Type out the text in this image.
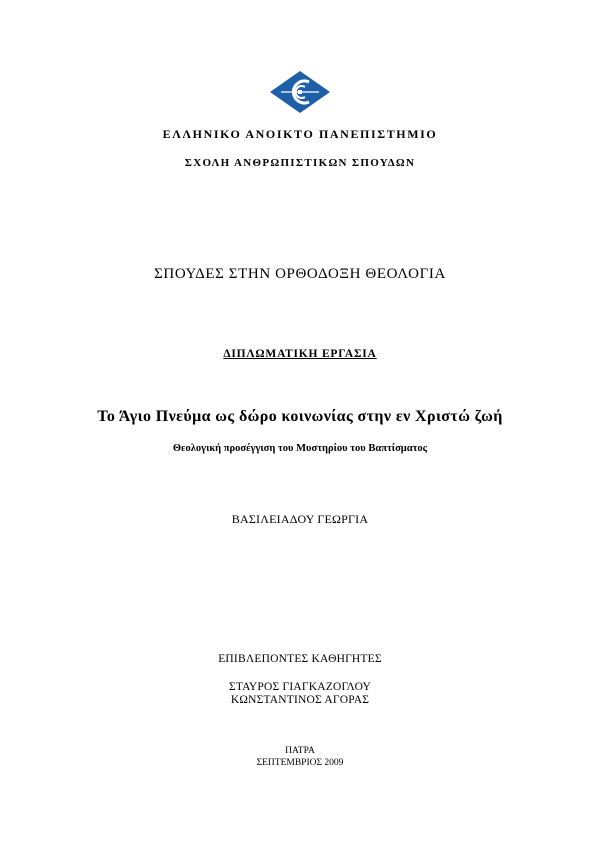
ΕΛΛΗΝΙΚΟ ΑΝΟΙΚΤΟ ΠΑΝΕΠΙΣΤΗΜΙΟ
ΣΧΟΛΗ ΑΝΘΡΩΠΙΣΤΙΚΩΝ ΣΠΟΥΔΩΝ
ΣΠΟΥΔΕΣ ΣΤΗΝ ΟΡΘΟΔΟΞΗ ΘΕΟΛΟΓΙΑ
ΔΙΠΛΩΜΑΤΙΚΗ ΕΡΓΑΣΙΑ
Το Άγιο Πνεύμα ως δώρο κοινωνίας στην εν Χριστώ ζωή
Θεολογική προσέγγιση του Μυστηρίου του Βαπτίσματος
ΒΑΣΙΛΕΙΑΔΟΥ ΓΕΩΡΓΙΑ
ΕΠΙΒΛΕΠΟΝΤΕΣ ΚΑΘΗΓΗΤΕΣ
ΣΤΑΥΡΟΣ ΓΙΑΓΚΑΖΟΓΛΟΥ
ΚΩΝΣΤΑΝΤΙΝΟΣ ΑΓΟΡΑΣ
ΠΑΤΡΑ
ΣΕΠΤΕΜΒΡΙΟΣ 2009
